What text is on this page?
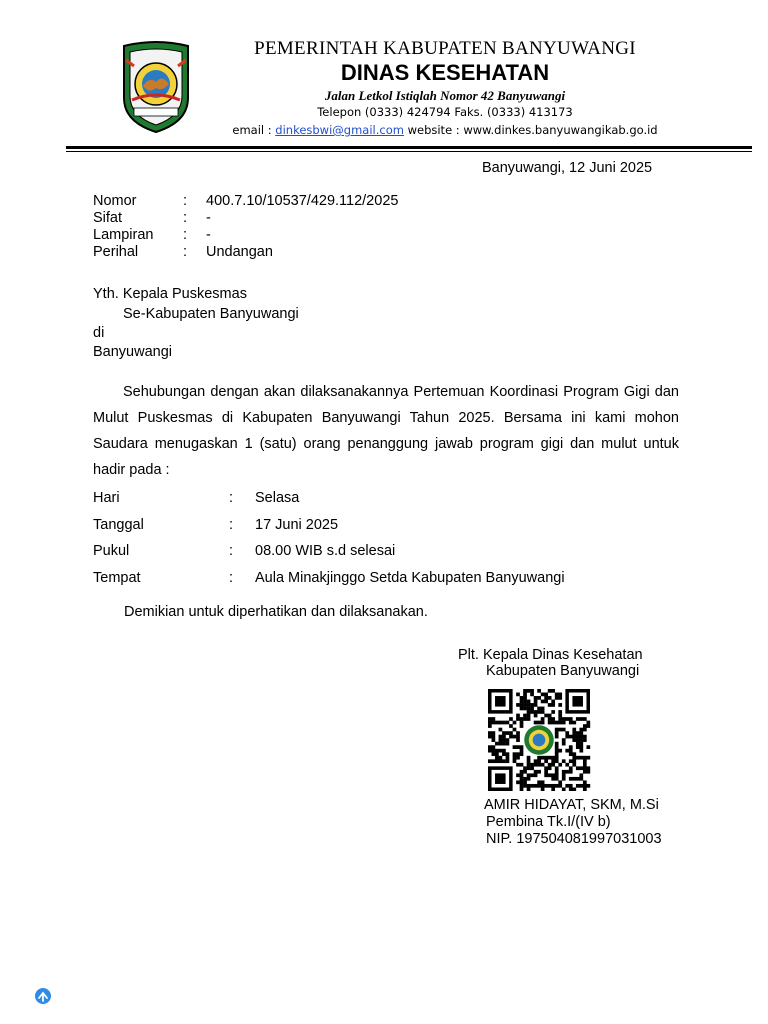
PEMERINTAH KABUPATEN BANYUWANGI
DINAS KESEHATAN
Jalan Letkol Istiqlah Nomor 42 Banyuwangi
Telepon (0333) 424794 Faks. (0333) 413173
email : dinkesbwi@gmail.com website : www.dinkes.banyuwangikab.go.id
Banyuwangi, 12 Juni 2025
Nomor	: 400.7.10/10537/429.112/2025
Sifat	: -
Lampiran : -
Perihal	: Undangan
Yth. Kepala Puskesmas
Se-Kabupaten Banyuwangi
di
Banyuwangi
Sehubungan dengan akan dilaksanakannya Pertemuan Koordinasi Program Gigi dan Mulut Puskesmas di Kabupaten Banyuwangi Tahun 2025. Bersama ini kami mohon Saudara menugaskan 1 (satu) orang penanggung jawab program gigi dan mulut untuk hadir pada :
Hari	: Selasa
Tanggal	: 17 Juni 2025
Pukul	: 08.00 WIB s.d selesai
Tempat	: Aula Minakjinggo Setda Kabupaten Banyuwangi
Demikian untuk diperhatikan dan dilaksanakan.
Plt. Kepala Dinas Kesehatan
Kabupaten Banyuwangi
AMIR HIDAYAT, SKM, M.Si
Pembina Tk.I/(IV b)
NIP. 197504081997031003
